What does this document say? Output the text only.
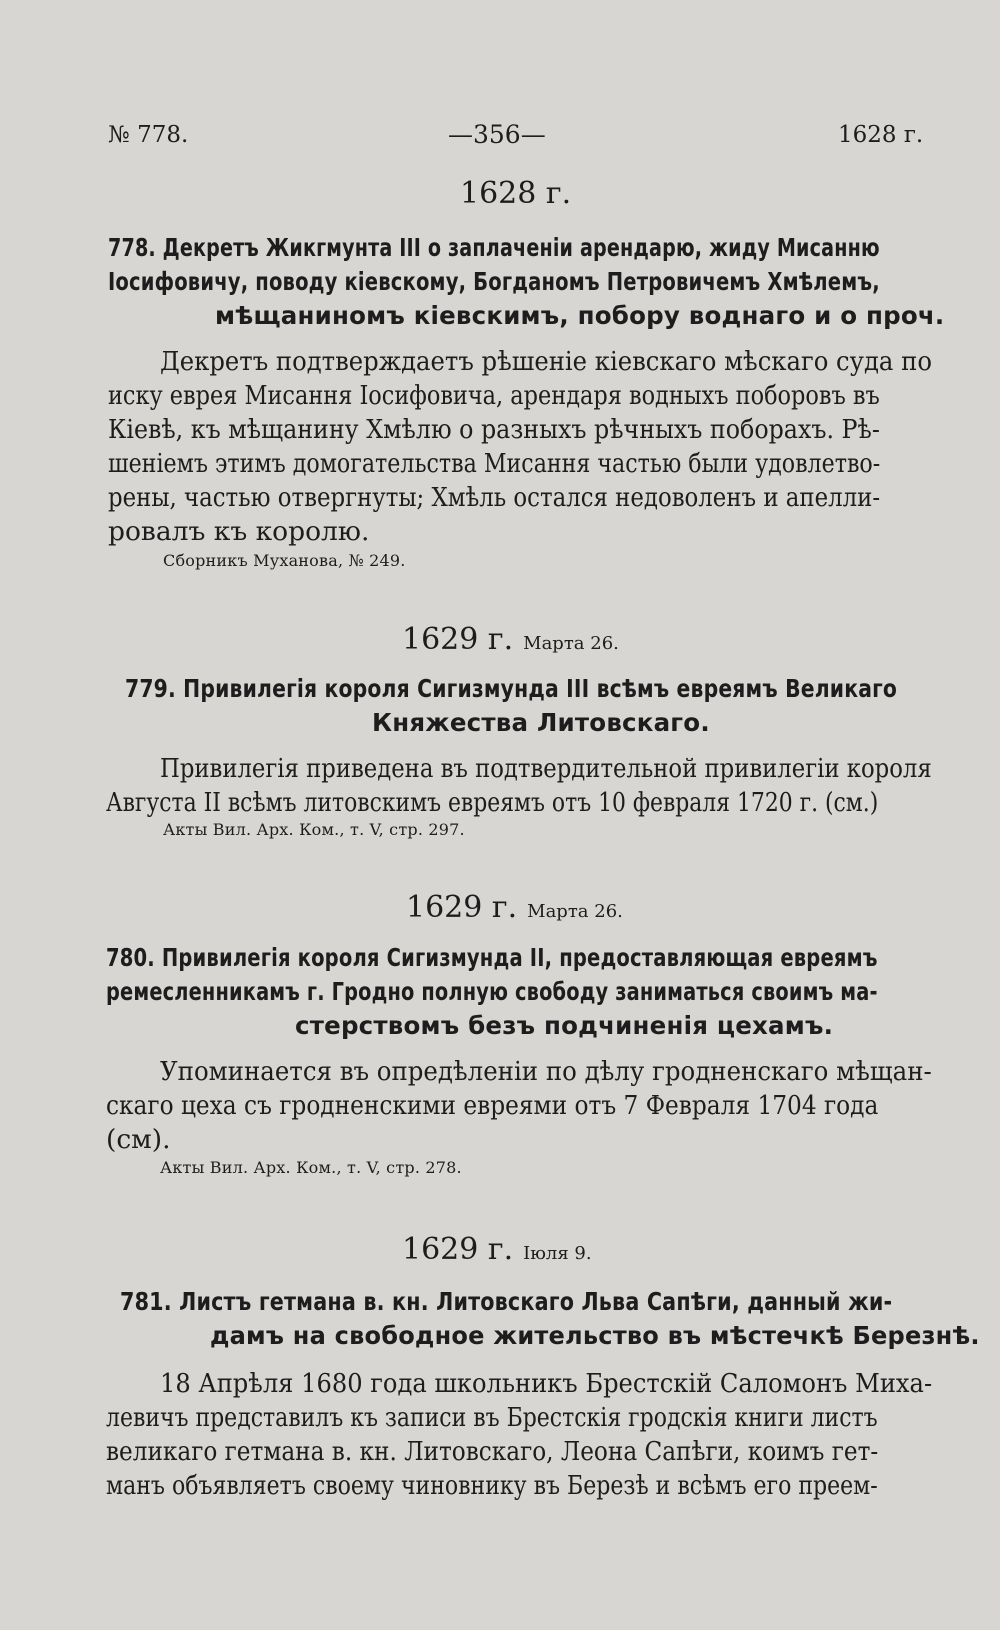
№ 778.	—356—	1628 г.
1628 г.
778. Декретъ Жикгмунта III о заплаченіи арендарю, жиду Мисанню
Іосифовичу, поводу кіевскому, Богданомъ Петровичемъ Хмѣлемъ,
мѣщаниномъ кіевскимъ, побору воднаго и о проч.
Декретъ подтверждаетъ рѣшеніе кіевскаго мѣскаго суда по
иску еврея Мисання Іосифовича, арендаря водныхъ поборовъ въ
Кіевѣ, къ мѣщанину Хмѣлю о разныхъ рѣчныхъ поборахъ. Рѣ-
шеніемъ этимъ домогательства Мисання частью были удовлетво-
рены, частью отвергнуты; Хмѣль остался недоволенъ и апелли-
ровалъ къ королю.
Сборникъ Муханова, № 249.
1629 г. Марта 26.
779. Привилегія короля Сигизмунда III всѣмъ евреямъ Великаго
Княжества Литовскаго.
Привилегія приведена въ подтвердительной привилегіи короля
Августа II всѣмъ литовскимъ евреямъ отъ 10 февраля 1720 г. (см.)
Акты Вил. Арх. Ком., т. V, стр. 297.
1629 г. Марта 26.
780. Привилегія короля Сигизмунда II, предоставляющая евреямъ
ремесленникамъ г. Гродно полную свободу заниматься своимъ ма-
стерствомъ безъ подчиненія цехамъ.
Упоминается въ опредѣленіи по дѣлу гродненскаго мѣщан-
скаго цеха съ гродненскими евреями отъ 7 Февраля 1704 года
(см).
Акты Вил. Арх. Ком., т. V, стр. 278.
1629 г. Іюля 9.
781. Листъ гетмана в. кн. Литовскаго Льва Сапѣги, данный жи-
дамъ на свободное жительство въ мѣстечкѣ Березнѣ.
18 Апрѣля 1680 года школьникъ Брестскій Саломонъ Миха-
левичъ представилъ къ записи въ Брестскія гродскія книги листъ
великаго гетмана в. кн. Литовскаго, Леона Сапѣги, коимъ гет-
манъ объявляетъ своему чиновнику въ Березѣ и всѣмъ его преем-
